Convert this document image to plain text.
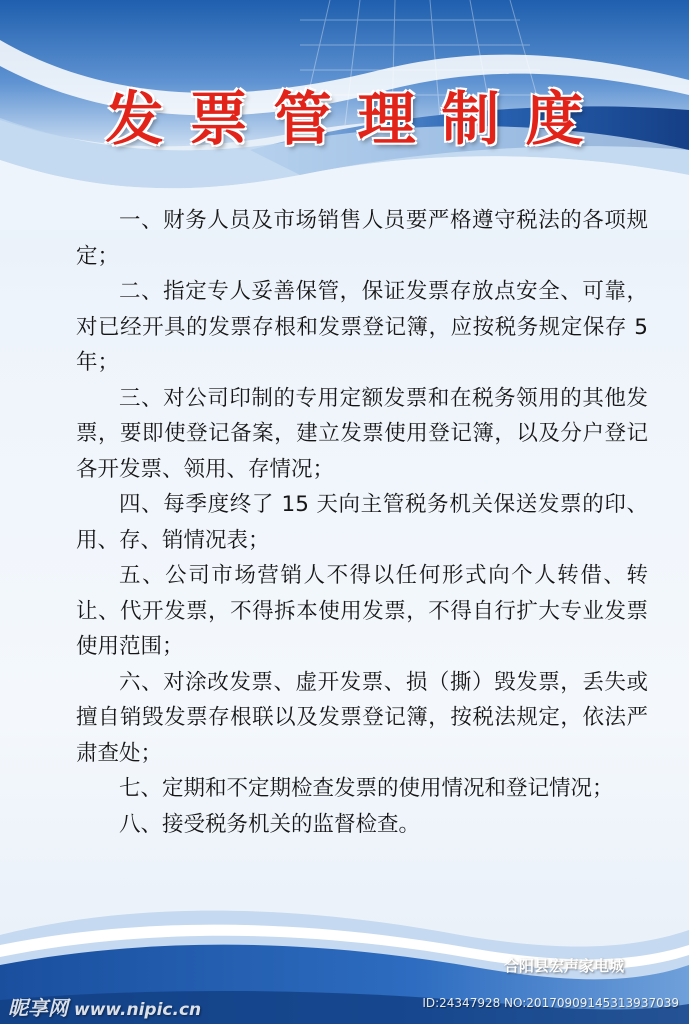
发票管理制度

一、财务人员及市场销售人员要严格遵守税法的各项规定；

二、指定专人妥善保管，保证发票存放点安全、可靠，对已经开具的发票存根和发票登记簿，应按税务规定保存 5 年；

三、对公司印制的专用定额发票和在税务领用的其他发票，要即使登记备案，建立发票使用登记簿，以及分户登记各开发票、领用、存情况；

四、每季度终了 15 天向主管税务机关保送发票的印、用、存、销情况表；

五、公司市场营销人不得以任何形式向个人转借、转让、代开发票，不得拆本使用发票，不得自行扩大专业发票使用范围；

六、对涂改发票、虚开发票、损（撕）毁发票，丢失或擅自销毁发票存根联以及发票登记簿，按税法规定，依法严肃查处；

七、定期和不定期检查发票的使用情况和登记情况；

八、接受税务机关的监督检查。

合阳县宏声家电城
昵享网 www.nipic.cn	ID:24347928 NO:20170909145313937039
